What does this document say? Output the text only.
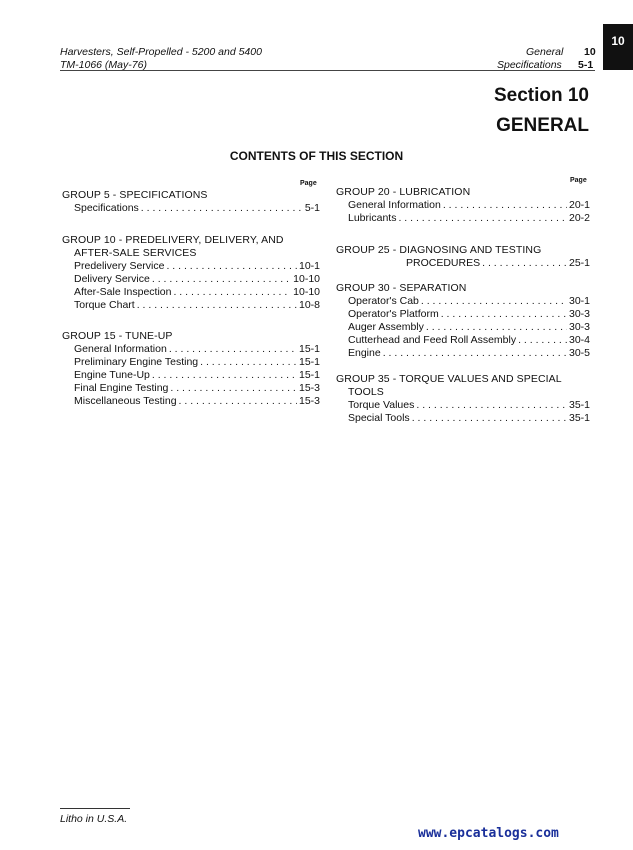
Harvesters, Self-Propelled - 5200 and 5400
TM-1066 (May-76)
General 10
Specifications 5-1
10
Section 10
GENERAL
CONTENTS OF THIS SECTION
Page	Page
GROUP 5 - SPECIFICATIONS
Specifications . . .	5-1
GROUP 10 - PREDELIVERY, DELIVERY, AND
AFTER-SALE SERVICES
Predelivery Service . . .	10-1
Delivery Service . . .	10-10
After-Sale Inspection . . .	10-10
Torque Chart . . .	10-8
GROUP 15 - TUNE-UP
General Information . . .	15-1
Preliminary Engine Testing . . .	15-1
Engine Tune-Up . . .	15-1
Final Engine Testing . . .	15-3
Miscellaneous Testing . . .	15-3
GROUP 20 - LUBRICATION
General Information . . .	20-1
Lubricants . . .	20-2
GROUP 25 - DIAGNOSING AND TESTING
PROCEDURES . . .	25-1
GROUP 30 - SEPARATION
Operator's Cab . . .	30-1
Operator's Platform . . .	30-3
Auger Assembly . . .	30-3
Cutterhead and Feed Roll Assembly . . .	30-4
Engine . . .	30-5
GROUP 35 - TORQUE VALUES AND SPECIAL
TOOLS
Torque Values . . .	35-1
Special Tools . . .	35-1
Litho in U.S.A.
www.epcatalogs.com
